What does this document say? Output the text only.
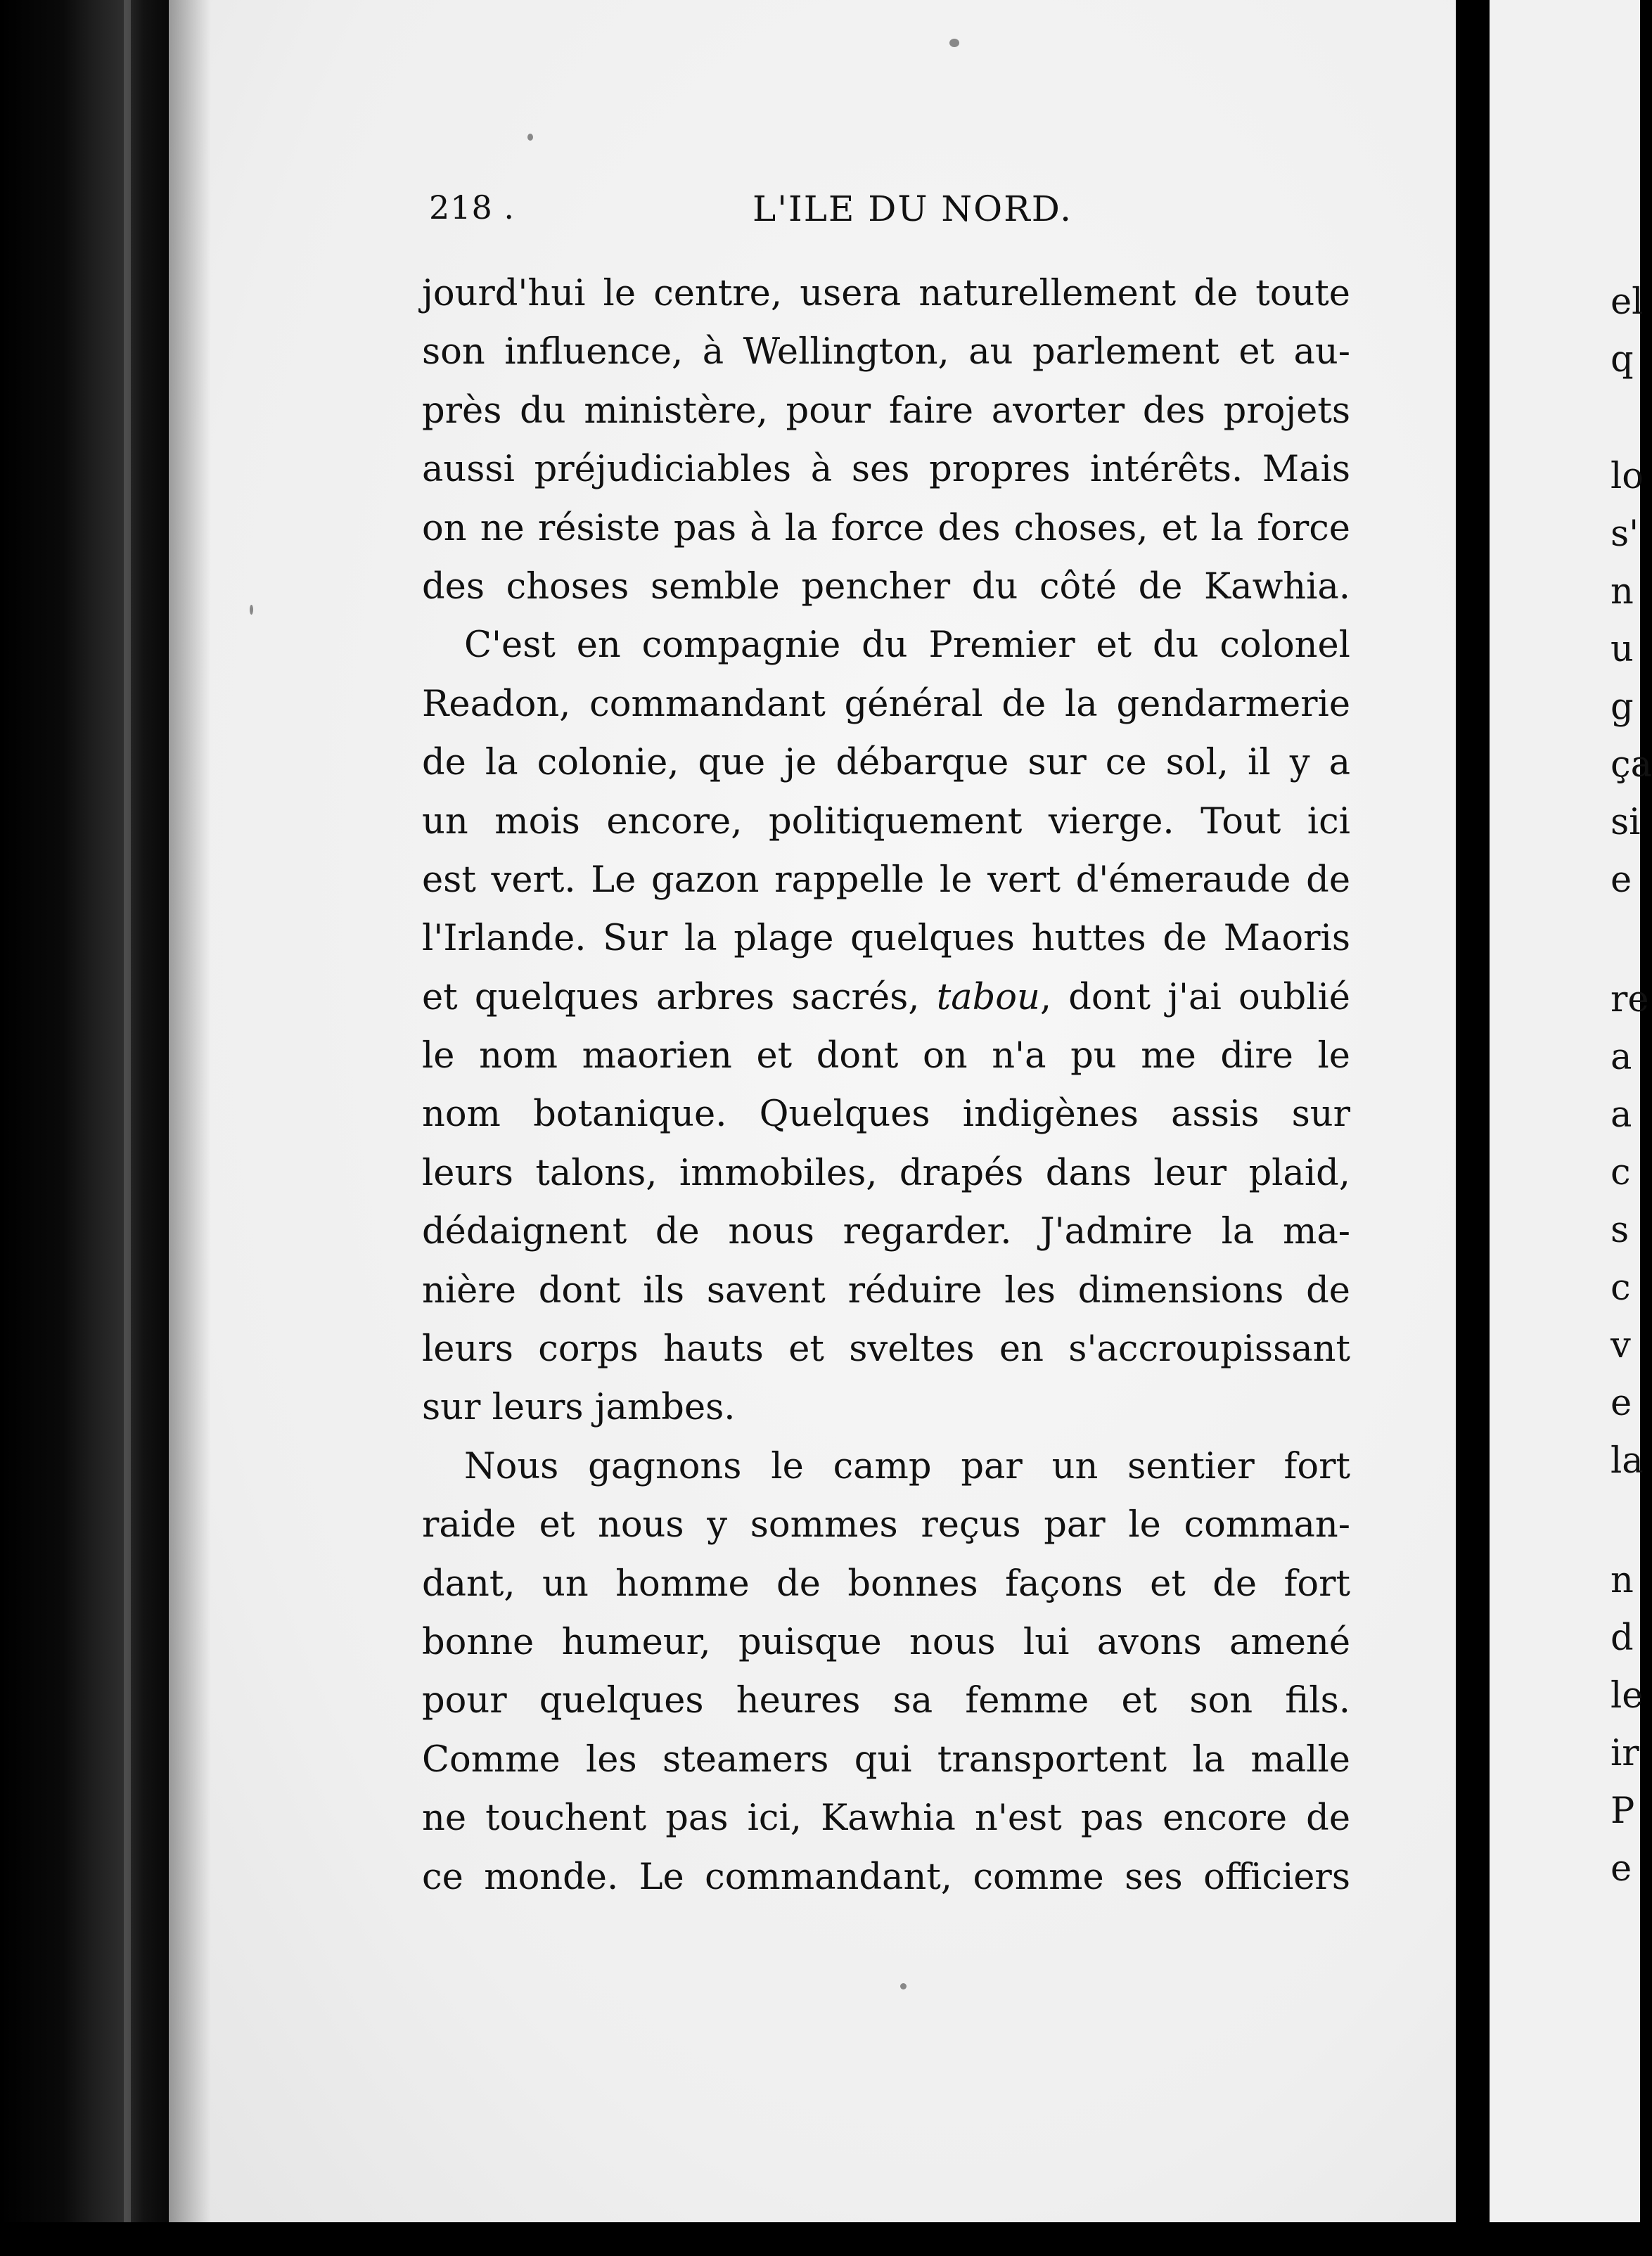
218 .	L'ILE DU NORD.
jourd'hui le centre, usera naturellement de toute
son influence, à Wellington, au parlement et au-
près du ministère, pour faire avorter des projets
aussi préjudiciables à ses propres intérêts. Mais
on ne résiste pas à la force des choses, et la force
des choses semble pencher du côté de Kawhia.
C'est en compagnie du Premier et du colonel
Readon, commandant général de la gendarmerie
de la colonie, que je débarque sur ce sol, il y a
un mois encore, politiquement vierge. Tout ici
est vert. Le gazon rappelle le vert d'émeraude de
l'Irlande. Sur la plage quelques huttes de Maoris
et quelques arbres sacrés, tabou, dont j'ai oublié
le nom maorien et dont on n'a pu me dire le
nom botanique. Quelques indigènes assis sur
leurs talons, immobiles, drapés dans leur plaid,
dédaignent de nous regarder. J'admire la ma-
nière dont ils savent réduire les dimensions de
leurs corps hauts et sveltes en s'accroupissant
sur leurs jambes.
Nous gagnons le camp par un sentier fort
raide et nous y sommes reçus par le comman-
dant, un homme de bonnes façons et de fort
bonne humeur, puisque nous lui avons amené
pour quelques heures sa femme et son fils.
Comme les steamers qui transportent la malle
ne touchent pas ici, Kawhia n'est pas encore de
ce monde. Le commandant, comme ses officiers
el
q
lo
s'
n
u
g
ça
si
e
re
a
a
c
s
c
v
e
la
n
d
le
ir
P
e
